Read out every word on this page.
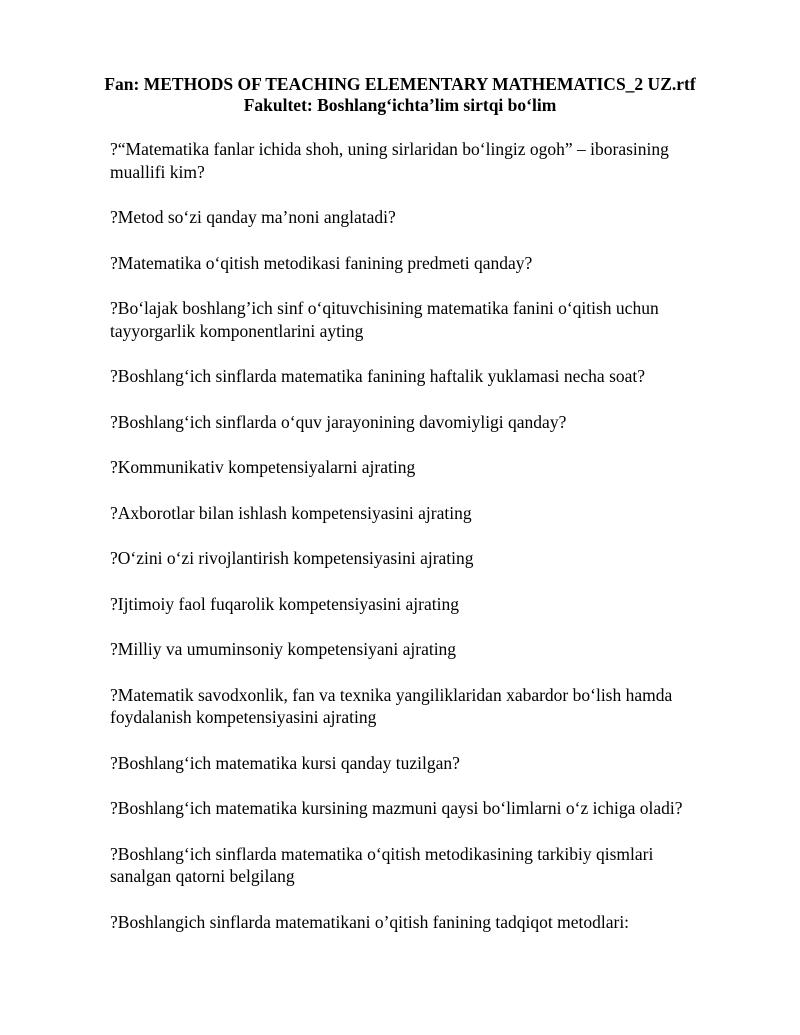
Fan: METHODS OF TEACHING ELEMENTARY MATHEMATICS_2 UZ.rtf
Fakultet: Boshlang‘ichta’lim sirtqi bo‘lim
?“Matematika fanlar ichida shoh, uning sirlaridan bo‘lingiz ogoh” – iborasining
muallifi kim?
?Metod so‘zi qanday ma’noni anglatadi?
?Matematika o‘qitish metodikasi fanining predmeti qanday?
?Bo‘lajak boshlang’ich sinf o‘qituvchisining matematika fanini o‘qitish uchun
tayyorgarlik komponentlarini ayting
?Boshlang‘ich sinflarda matematika fanining haftalik yuklamasi necha soat?
?Boshlang‘ich sinflarda o‘quv jarayonining davomiyligi qanday?
?Kommunikativ kompetensiyalarni ajrating
?Axborotlar bilan ishlash kompetensiyasini ajrating
?O‘zini o‘zi rivojlantirish kompetensiyasini ajrating
?Ijtimoiy faol fuqarolik kompetensiyasini ajrating
?Milliy va umuminsoniy kompetensiyani ajrating
?Matematik savodxonlik, fan va texnika yangiliklaridan xabardor bo‘lish hamda
foydalanish kompetensiyasini ajrating
?Boshlang‘ich matematika kursi qanday tuzilgan?
?Boshlang‘ich matematika kursining mazmuni qaysi bo‘limlarni o‘z ichiga oladi?
?Boshlang‘ich sinflarda matematika o‘qitish metodikasining tarkibiy qismlari
sanalgan qatorni belgilang
?Boshlangich sinflarda matematikani o’qitish fanining tadqiqot metodlari:
